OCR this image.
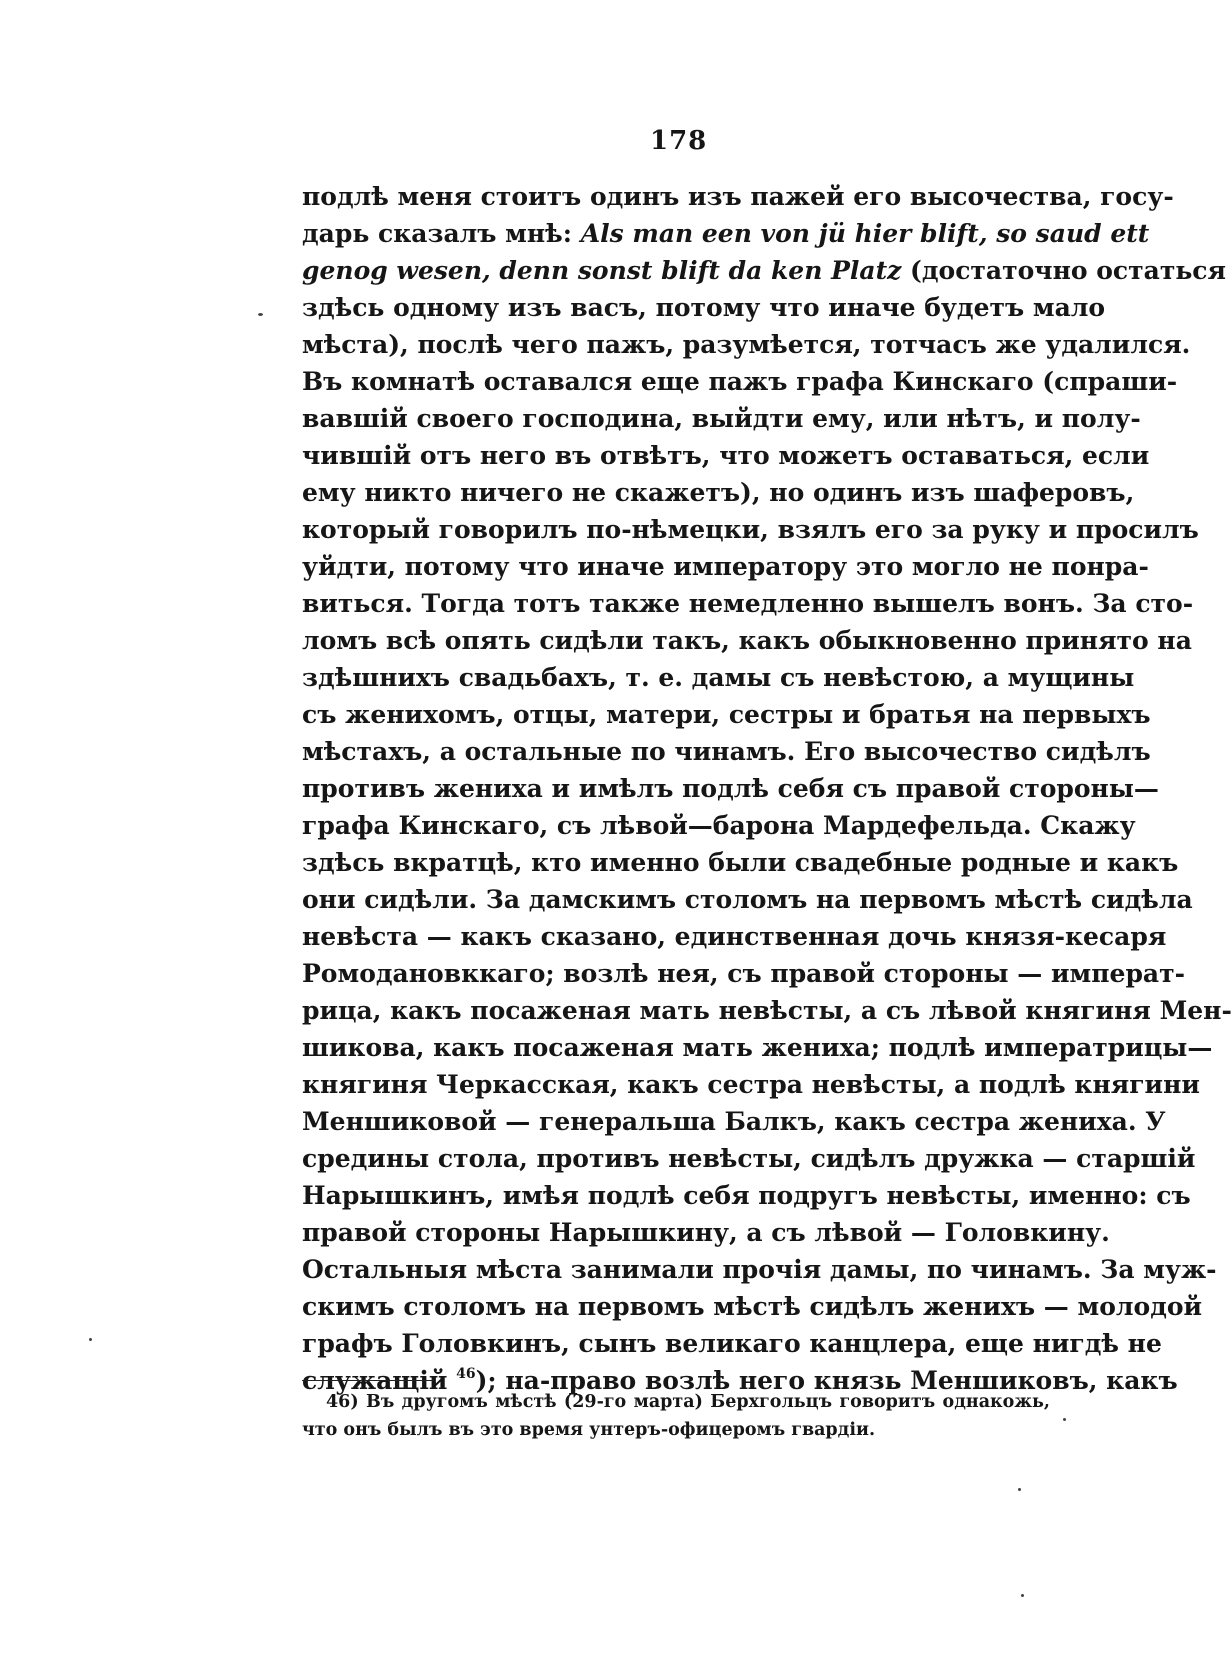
178
подлѣ меня стоитъ одинъ изъ пажей его высочества, госу-
дарь сказалъ мнѣ: Als man een von jü hier blift, so saud ett
genog wesen, denn sonst blift da ken Platz (достаточно остаться
здѣсь одному изъ васъ, потому что иначе будетъ мало
мѣста), послѣ чего пажъ, разумѣется, тотчасъ же удалился.
Въ комнатѣ оставался еще пажъ графа Кинскаго (спраши-
вавшій своего господина, выйдти ему, или нѣтъ, и полу-
чившій отъ него въ отвѣтъ, что можетъ оставаться, если
ему никто ничего не скажетъ), но одинъ изъ шаферовъ,
который говорилъ по-нѣмецки, взялъ его за руку и просилъ
уйдти, потому что иначе императору это могло не понра-
виться. Тогда тотъ также немедленно вышелъ вонъ. За сто-
ломъ всѣ опять сидѣли такъ, какъ обыкновенно принято на
здѣшнихъ свадьбахъ, т. е. дамы съ невѣстою, а мущины
съ женихомъ, отцы, матери, сестры и братья на первыхъ
мѣстахъ, а остальные по чинамъ. Его высочество сидѣлъ
противъ жениха и имѣлъ подлѣ себя съ правой стороны—
графа Кинскаго, съ лѣвой—барона Мардефельда. Скажу
здѣсь вкратцѣ, кто именно были свадебные родные и какъ
они сидѣли. За дамскимъ столомъ на первомъ мѣстѣ сидѣла
невѣста — какъ сказано, единственная дочь князя-кесаря
Ромодановккаго; возлѣ нея, съ правой стороны — императ-
рица, какъ посаженая мать невѣсты, а съ лѣвой княгиня Мен-
шикова, какъ посаженая мать жениха; подлѣ императрицы—
княгиня Черкасская, какъ сестра невѣсты, а подлѣ княгини
Меншиковой — генеральша Балкъ, какъ сестра жениха. У
средины стола, противъ невѣсты, сидѣлъ дружка — старшій
Нарышкинъ, имѣя подлѣ себя подругъ невѣсты, именно: съ
правой стороны Нарышкину, а съ лѣвой — Головкину.
Остальныя мѣста занимали прочія дамы, по чинамъ. За муж-
скимъ столомъ на первомъ мѣстѣ сидѣлъ женихъ — молодой
графъ Головкинъ, сынъ великаго канцлера, еще нигдѣ не
служащій $^{46}$); на-право возлѣ него князь Меншиковъ, какъ
46) Въ другомъ мѣстѣ (29-го марта) Берхгольцъ говоритъ однакожь,
что онъ былъ въ это время унтеръ-офицеромъ гвардіи.
